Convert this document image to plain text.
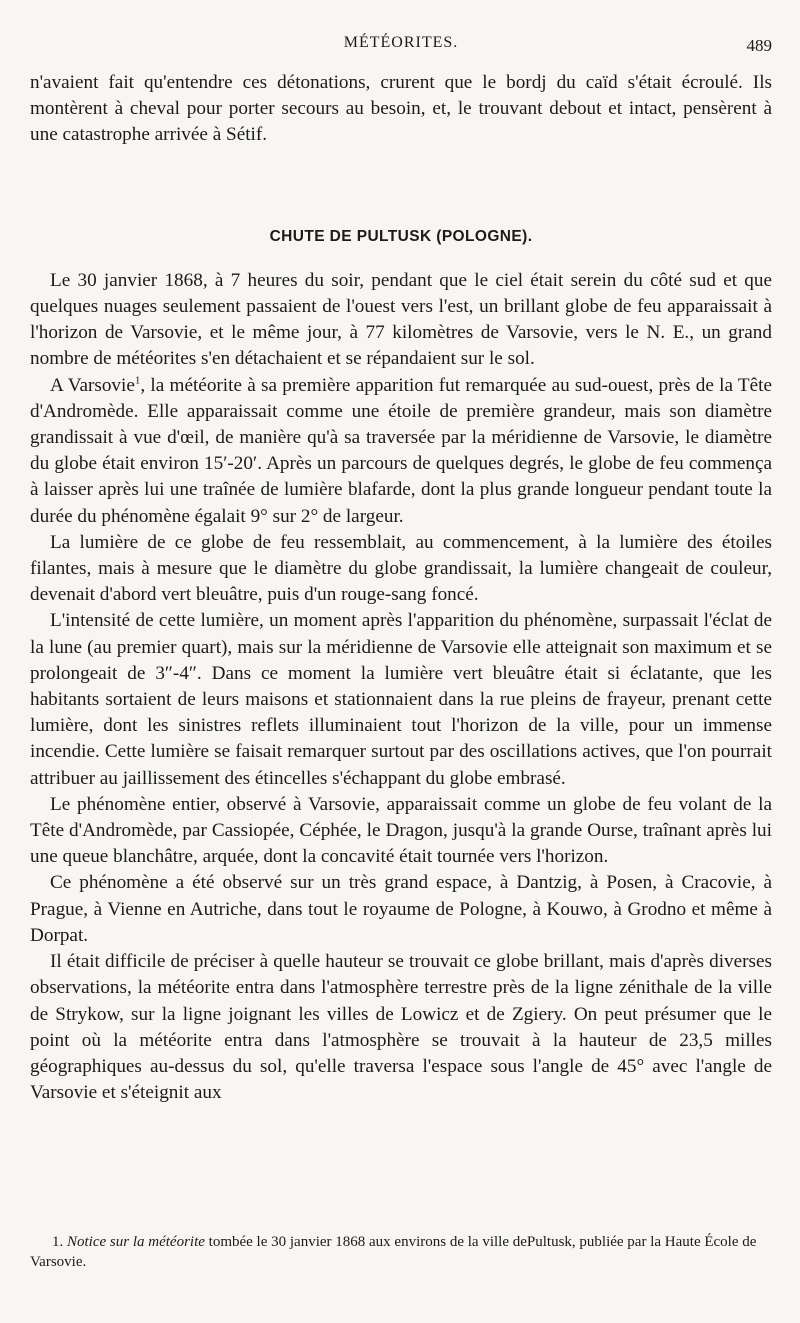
MÉTÉORITES.	489

n'avaient fait qu'entendre ces détonations, crurent que le bordj du caïd s'était écroulé. Ils montèrent à cheval pour porter secours au besoin, et, le trouvant debout et intact, pensèrent à une catastrophe arrivée à Sétif.

CHUTE DE PULTUSK (POLOGNE).

Le 30 janvier 1868, à 7 heures du soir, pendant que le ciel était serein du côté sud et que quelques nuages seulement passaient de l'ouest vers l'est, un brillant globe de feu apparaissait à l'horizon de Varsovie, et le même jour, à 77 kilomètres de Varsovie, vers le N. E., un grand nombre de météorites s'en détachaient et se répandaient sur le sol.

A Varsovie$^1$, la météorite à sa première apparition fut remarquée au sud-ouest, près de la Tête d'Andromède. Elle apparaissait comme une étoile de première grandeur, mais son diamètre grandissait à vue d'œil, de manière qu'à sa traversée par la méridienne de Varsovie, le diamètre du globe était environ 15′-20′. Après un parcours de quelques degrés, le globe de feu commença à laisser après lui une traînée de lumière blafarde, dont la plus grande longueur pendant toute la durée du phénomène égalait 9° sur 2° de largeur.

La lumière de ce globe de feu ressemblait, au commencement, à la lumière des étoiles filantes, mais à mesure que le diamètre du globe grandissait, la lumière changeait de couleur, devenait d'abord vert bleuâtre, puis d'un rouge-sang foncé.

L'intensité de cette lumière, un moment après l'apparition du phénomène, surpassait l'éclat de la lune (au premier quart), mais sur la méridienne de Varsovie elle atteignait son maximum et se prolongeait de 3″-4″. Dans ce moment la lumière vert bleuâtre était si éclatante, que les habitants sortaient de leurs maisons et stationnaient dans la rue pleins de frayeur, prenant cette lumière, dont les sinistres reflets illuminaient tout l'horizon de la ville, pour un immense incendie. Cette lumière se faisait remarquer surtout par des oscillations actives, que l'on pourrait attribuer au jaillissement des étincelles s'échappant du globe embrasé.

Le phénomène entier, observé à Varsovie, apparaissait comme un globe de feu volant de la Tête d'Andromède, par Cassiopée, Céphée, le Dragon, jusqu'à la grande Ourse, traînant après lui une queue blanchâtre, arquée, dont la concavité était tournée vers l'horizon.

Ce phénomène a été observé sur un très grand espace, à Dantzig, à Posen, à Cracovie, à Prague, à Vienne en Autriche, dans tout le royaume de Pologne, à Kouwo, à Grodno et même à Dorpat.

Il était difficile de préciser à quelle hauteur se trouvait ce globe brillant, mais d'après diverses observations, la météorite entra dans l'atmosphère terrestre près de la ligne zénithale de la ville de Strykow, sur la ligne joignant les villes de Lowicz et de Zgiery. On peut présumer que le point où la météorite entra dans l'atmosphère se trouvait à la hauteur de 23,5 milles géographiques au-dessus du sol, qu'elle traversa l'espace sous l'angle de 45° avec l'angle de Varsovie et s'éteignit aux

1. Notice sur la météorite tombée le 30 janvier 1868 aux environs de la ville dePultusk, publiée par la Haute École de Varsovie.
